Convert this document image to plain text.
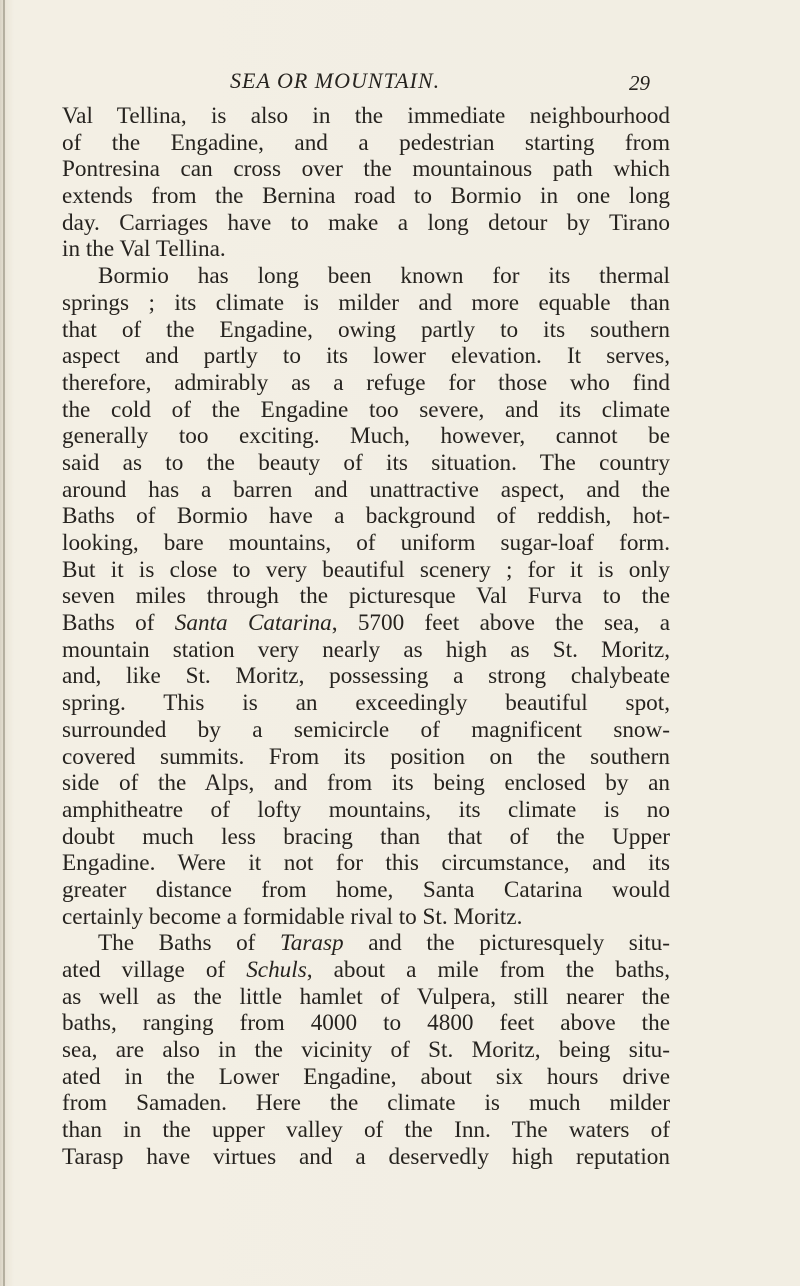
SEA OR MOUNTAIN.	29
Val Tellina, is also in the immediate neighbourhood
of the Engadine, and a pedestrian starting from
Pontresina can cross over the mountainous path which
extends from the Bernina road to Bormio in one long
day. Carriages have to make a long detour by Tirano
in the Val Tellina.
Bormio has long been known for its thermal
springs ; its climate is milder and more equable than
that of the Engadine, owing partly to its southern
aspect and partly to its lower elevation. It serves,
therefore, admirably as a refuge for those who find
the cold of the Engadine too severe, and its climate
generally too exciting. Much, however, cannot be
said as to the beauty of its situation. The country
around has a barren and unattractive aspect, and the
Baths of Bormio have a background of reddish, hot-
looking, bare mountains, of uniform sugar-loaf form.
But it is close to very beautiful scenery ; for it is only
seven miles through the picturesque Val Furva to the
Baths of Santa Catarina, 5700 feet above the sea, a
mountain station very nearly as high as St. Moritz,
and, like St. Moritz, possessing a strong chalybeate
spring. This is an exceedingly beautiful spot,
surrounded by a semicircle of magnificent snow-
covered summits. From its position on the southern
side of the Alps, and from its being enclosed by an
amphitheatre of lofty mountains, its climate is no
doubt much less bracing than that of the Upper
Engadine. Were it not for this circumstance, and its
greater distance from home, Santa Catarina would
certainly become a formidable rival to St. Moritz.
The Baths of Tarasp and the picturesquely situ-
ated village of Schuls, about a mile from the baths,
as well as the little hamlet of Vulpera, still nearer the
baths, ranging from 4000 to 4800 feet above the
sea, are also in the vicinity of St. Moritz, being situ-
ated in the Lower Engadine, about six hours drive
from Samaden. Here the climate is much milder
than in the upper valley of the Inn. The waters of
Tarasp have virtues and a deservedly high reputation
